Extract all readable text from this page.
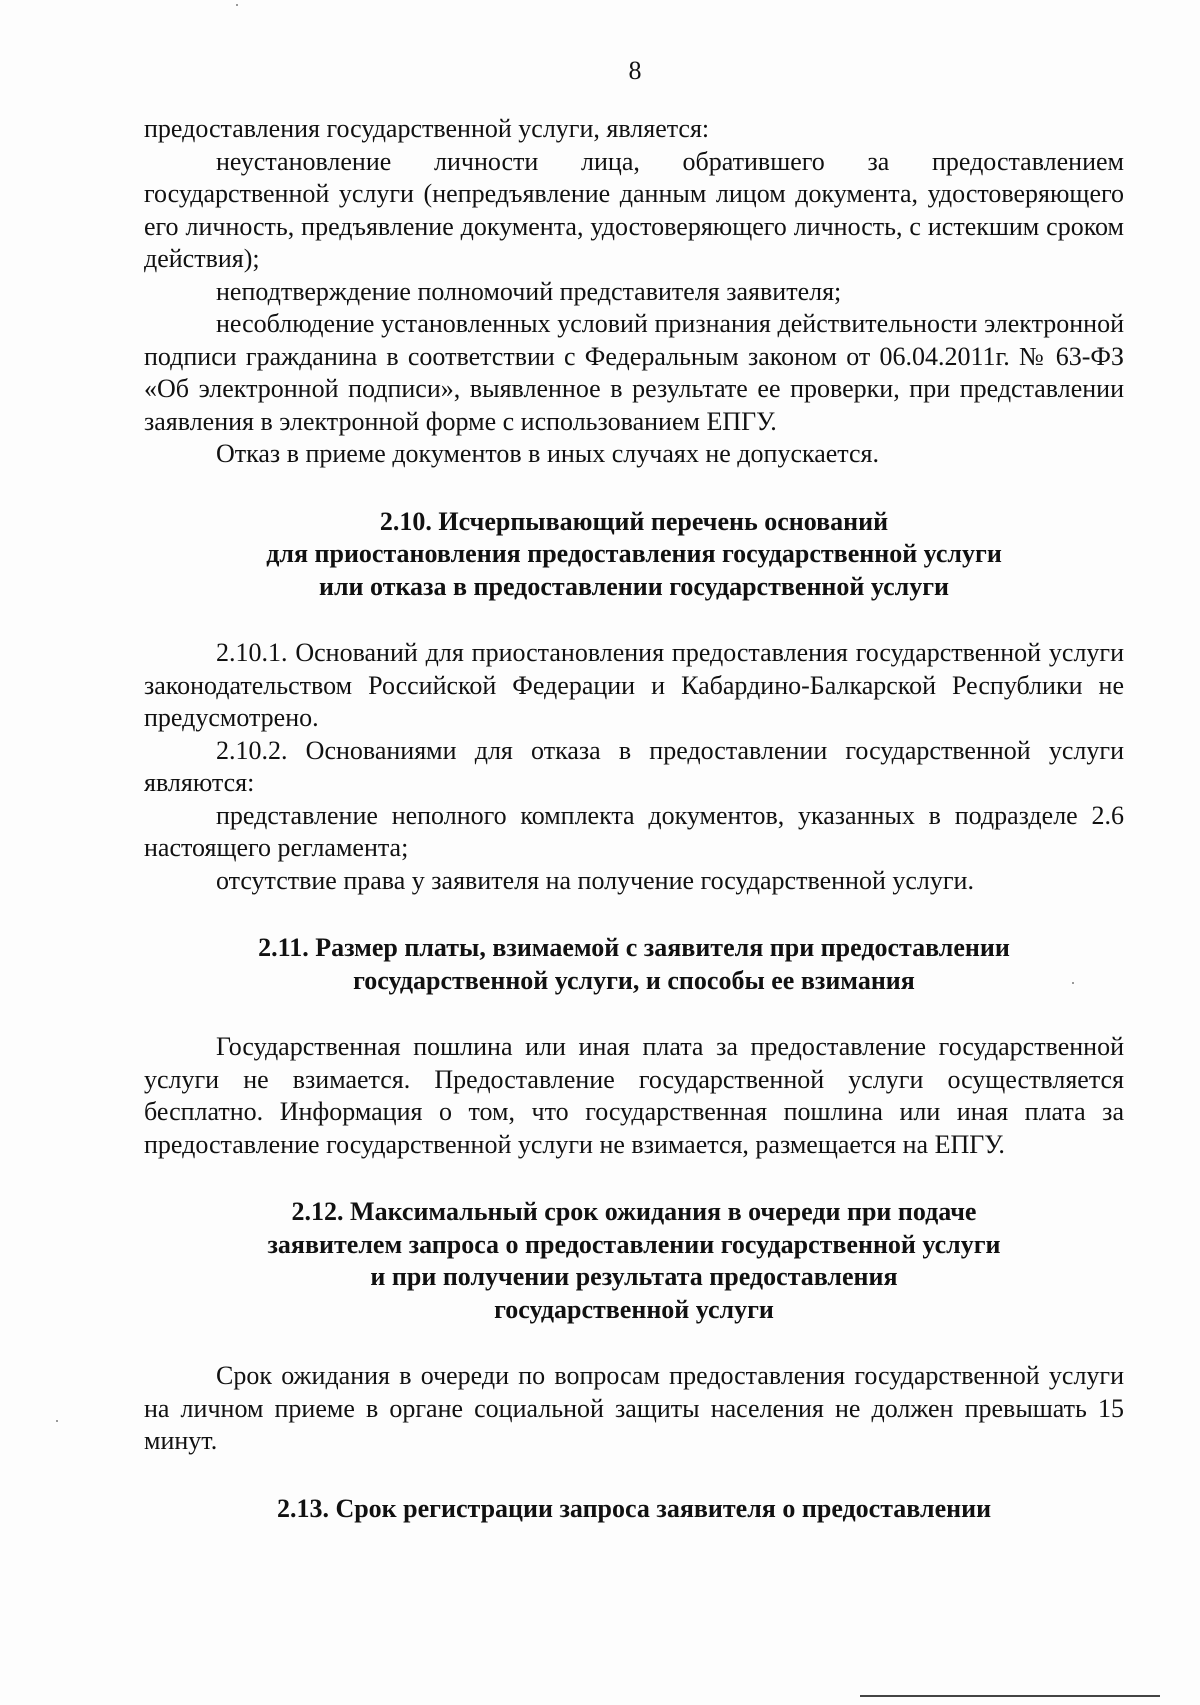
8

предоставления государственной услуги, является:

неустановление личности лица, обратившего за предоставлением государственной услуги (непредъявление данным лицом документа, удостоверяющего его личность, предъявление документа, удостоверяющего личность, с истекшим сроком действия);

неподтверждение полномочий представителя заявителя;

несоблюдение установленных условий признания действительности электронной подписи гражданина в соответствии с Федеральным законом от 06.04.2011г. № 63-ФЗ «Об электронной подписи», выявленное в результате ее проверки, при представлении заявления в электронной форме с использованием ЕПГУ.

Отказ в приеме документов в иных случаях не допускается.

2.10. Исчерпывающий перечень оснований

для приостановления предоставления государственной услуги

или отказа в предоставлении государственной услуги

2.10.1. Оснований для приостановления предоставления государственной услуги законодательством Российской Федерации и Кабардино-Балкарской Республики не предусмотрено.

2.10.2. Основаниями для отказа в предоставлении государственной услуги являются:

представление неполного комплекта документов, указанных в подразделе 2.6 настоящего регламента;

отсутствие права у заявителя на получение государственной услуги.

2.11. Размер платы, взимаемой с заявителя при предоставлении

государственной услуги, и способы ее взимания

Государственная пошлина или иная плата за предоставление государственной услуги не взимается. Предоставление государственной услуги осуществляется бесплатно. Информация о том, что государственная пошлина или иная плата за предоставление государственной услуги не взимается, размещается на ЕПГУ.

2.12. Максимальный срок ожидания в очереди при подаче

заявителем запроса о предоставлении государственной услуги

и при получении результата предоставления

государственной услуги

Срок ожидания в очереди по вопросам предоставления государственной услуги на личном приеме в органе социальной защиты населения не должен превышать 15 минут.

2.13. Срок регистрации запроса заявителя о предоставлении
